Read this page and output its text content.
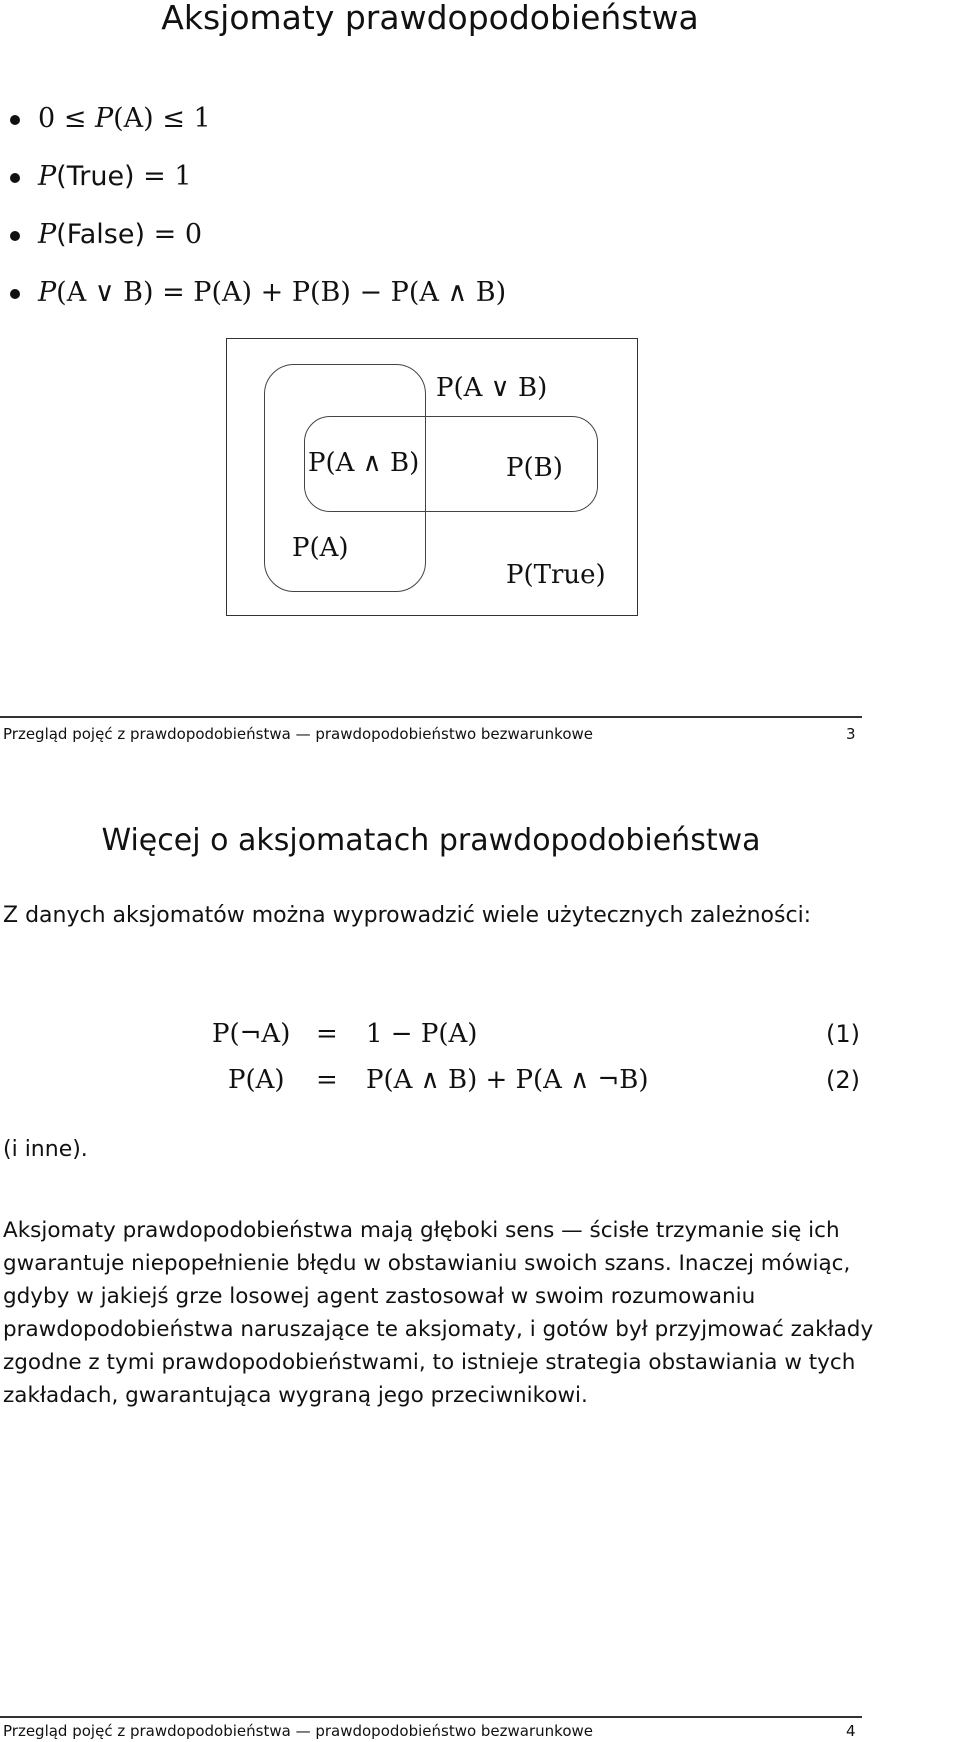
Aksjomaty prawdopodobieństwa
0 ≤ P(A) ≤ 1
P(True) = 1
P(False) = 0
P(A ∨ B) = P(A) + P(B) − P(A ∧ B)
P(A ∨ B)
P(A ∧ B)	P(B)
P(A)
P(True)
Przegląd pojęć z prawdopodobieństwa — prawdopodobieństwo bezwarunkowe	3
Więcej o aksjomatach prawdopodobieństwa
Z danych aksjomatów można wyprowadzić wiele użytecznych zależności:
P(¬A) = 1 − P(A)	(1)
P(A) = P(A ∧ B) + P(A ∧ ¬B)	(2)
(i inne).
Aksjomaty prawdopodobieństwa mają głęboki sens — ścisłe trzymanie się ich
gwarantuje niepopełnienie błędu w obstawianiu swoich szans. Inaczej mówiąc,
gdyby w jakiejś grze losowej agent zastosował w swoim rozumowaniu
prawdopodobieństwa naruszające te aksjomaty, i gotów był przyjmować zakłady
zgodne z tymi prawdopodobieństwami, to istnieje strategia obstawiania w tych
zakładach, gwarantująca wygraną jego przeciwnikowi.
Przegląd pojęć z prawdopodobieństwa — prawdopodobieństwo bezwarunkowe	4
